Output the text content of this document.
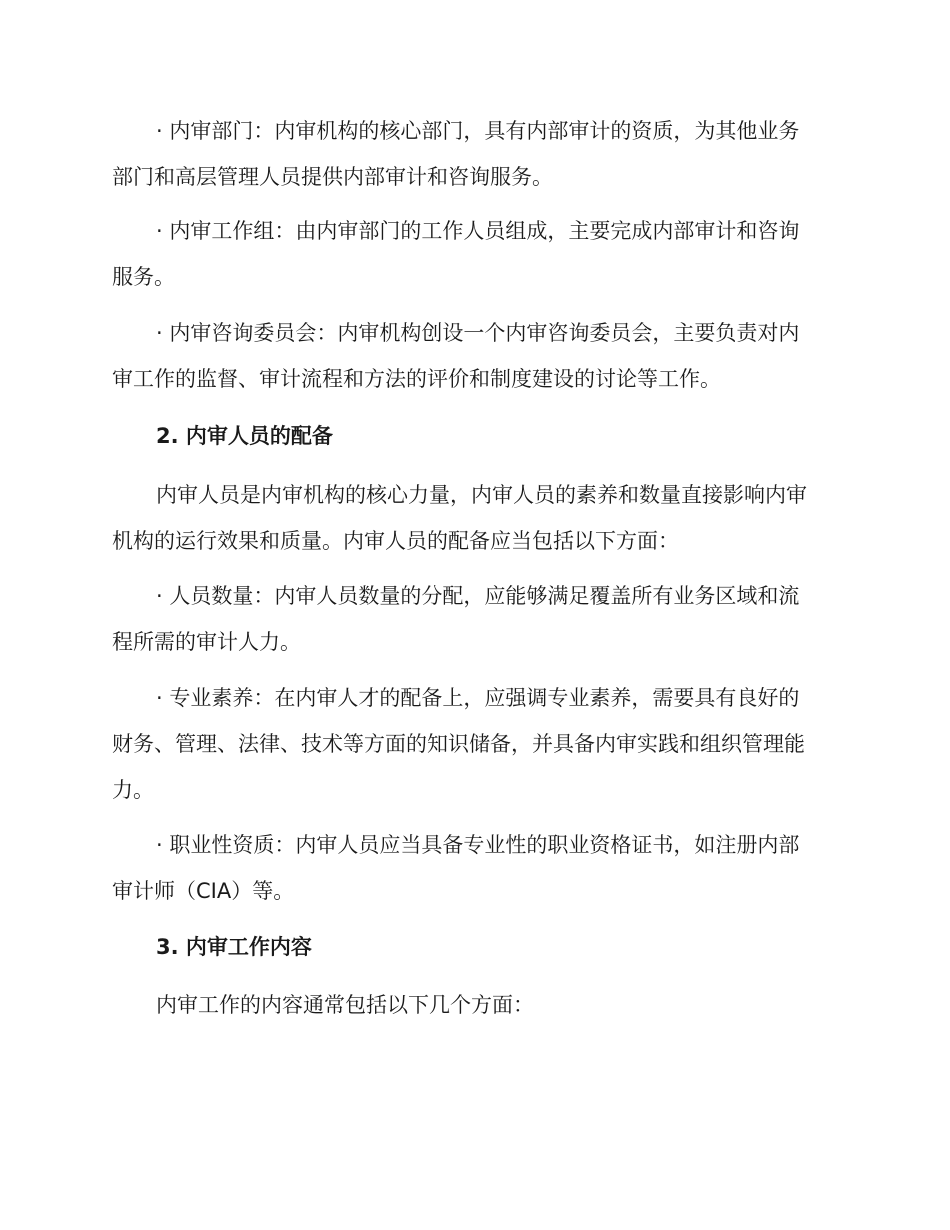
· 内审部门：内审机构的核心部门，具有内部审计的资质，为其他业务
部门和高层管理人员提供内部审计和咨询服务。
· 内审工作组：由内审部门的工作人员组成，主要完成内部审计和咨询
服务。
· 内审咨询委员会：内审机构创设一个内审咨询委员会，主要负责对内
审工作的监督、审计流程和方法的评价和制度建设的讨论等工作。
2. 内审人员的配备
内审人员是内审机构的核心力量，内审人员的素养和数量直接影响内审
机构的运行效果和质量。内审人员的配备应当包括以下方面：
· 人员数量：内审人员数量的分配，应能够满足覆盖所有业务区域和流
程所需的审计人力。
· 专业素养：在内审人才的配备上，应强调专业素养，需要具有良好的
财务、管理、法律、技术等方面的知识储备，并具备内审实践和组织管理能
力。
· 职业性资质：内审人员应当具备专业性的职业资格证书，如注册内部
审计师（CIA）等。
3. 内审工作内容
内审工作的内容通常包括以下几个方面：
